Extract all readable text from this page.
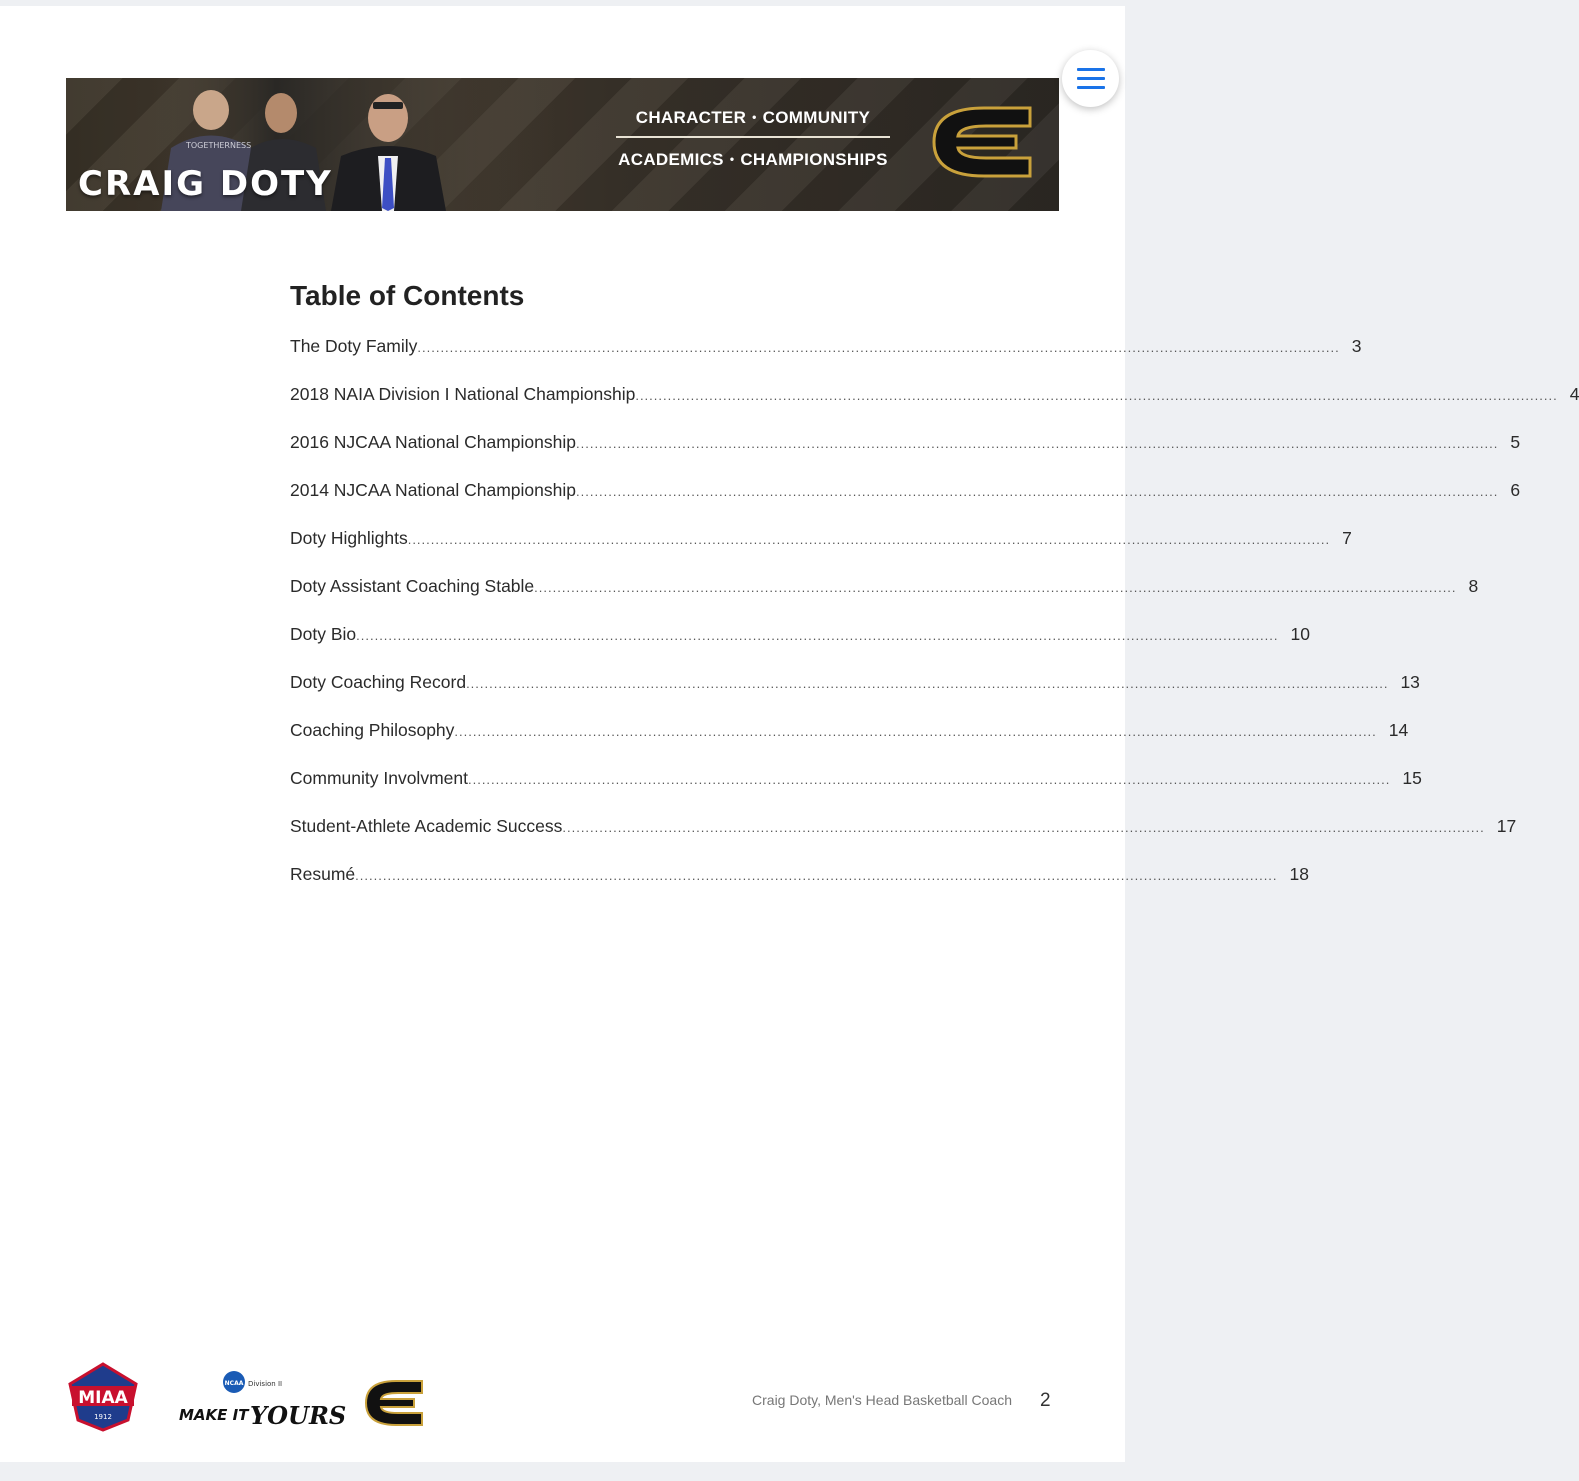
TOGETHERNESS
CRAIG DOTY
CHARACTER • COMMUNITY
ACADEMICS • CHAMPIONSHIPS
Table of Contents
The Doty Family ........................................................................................................................................................................................................ 3
2018 NAIA Division I National Championship ........................................................................................................................................................................................................ 4
2016 NJCAA National Championship ........................................................................................................................................................................................................ 5
2014 NJCAA National Championship ........................................................................................................................................................................................................ 6
Doty Highlights ........................................................................................................................................................................................................ 7
Doty Assistant Coaching Stable ........................................................................................................................................................................................................ 8
Doty Bio ........................................................................................................................................................................................................ 10
Doty Coaching Record ........................................................................................................................................................................................................ 13
Coaching Philosophy ........................................................................................................................................................................................................ 14
Community Involvment ........................................................................................................................................................................................................ 15
Student-Athlete Academic Success ........................................................................................................................................................................................................ 17
Resumé ........................................................................................................................................................................................................ 18
MIAA
1912
NCAA Division II
MAKE IT YOURS
Craig Doty, Men's Head Basketball Coach 2
